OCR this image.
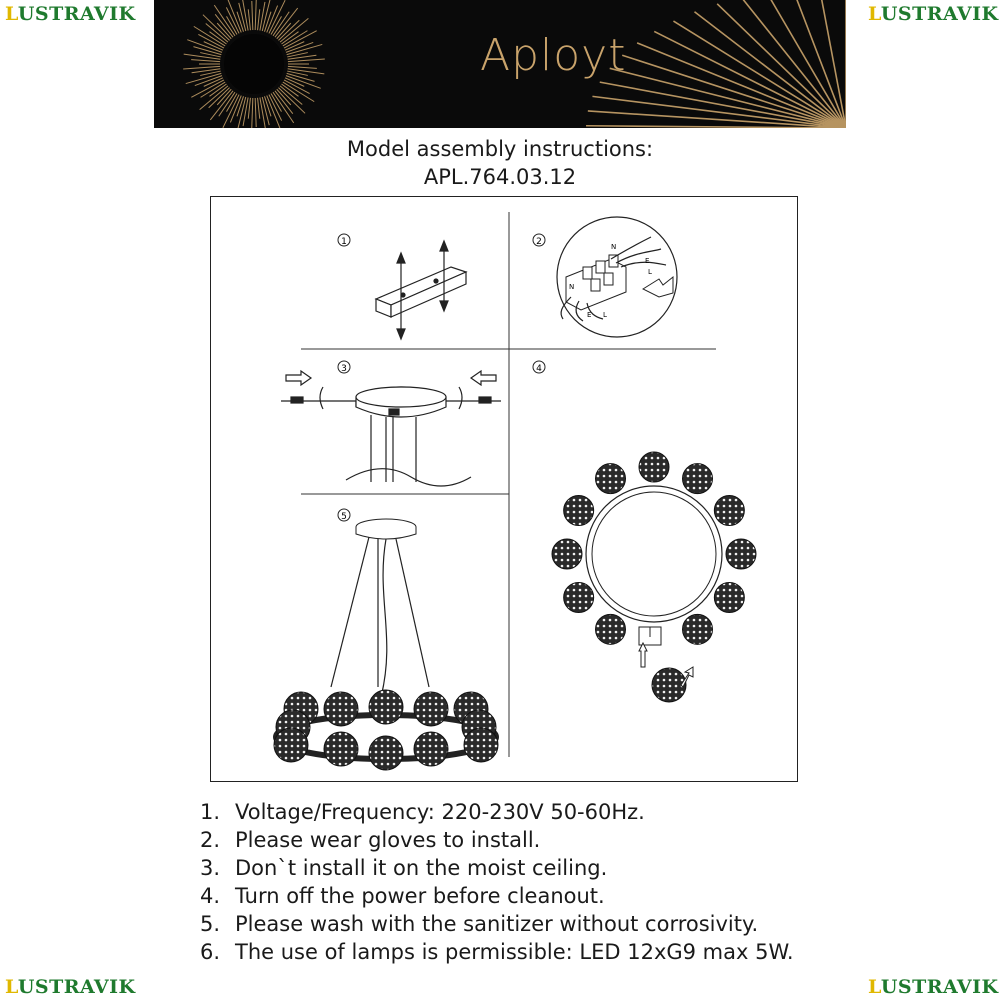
LUSTRAVIK	LUSTRAVIK
LUSTRAVIK	LUSTRAVIK
Aployt
Model assembly instructions:
APL.764.03.12
1	2
3	4
5
N
E
L
N
E L
1. Voltage/Frequency: 220-230V 50-60Hz.
2. Please wear gloves to install.
3. Don`t install it on the moist ceiling.
4. Turn off the power before cleanout.
5. Please wash with the sanitizer without corrosivity.
6. The use of lamps is permissible: LED 12xG9 max 5W.
